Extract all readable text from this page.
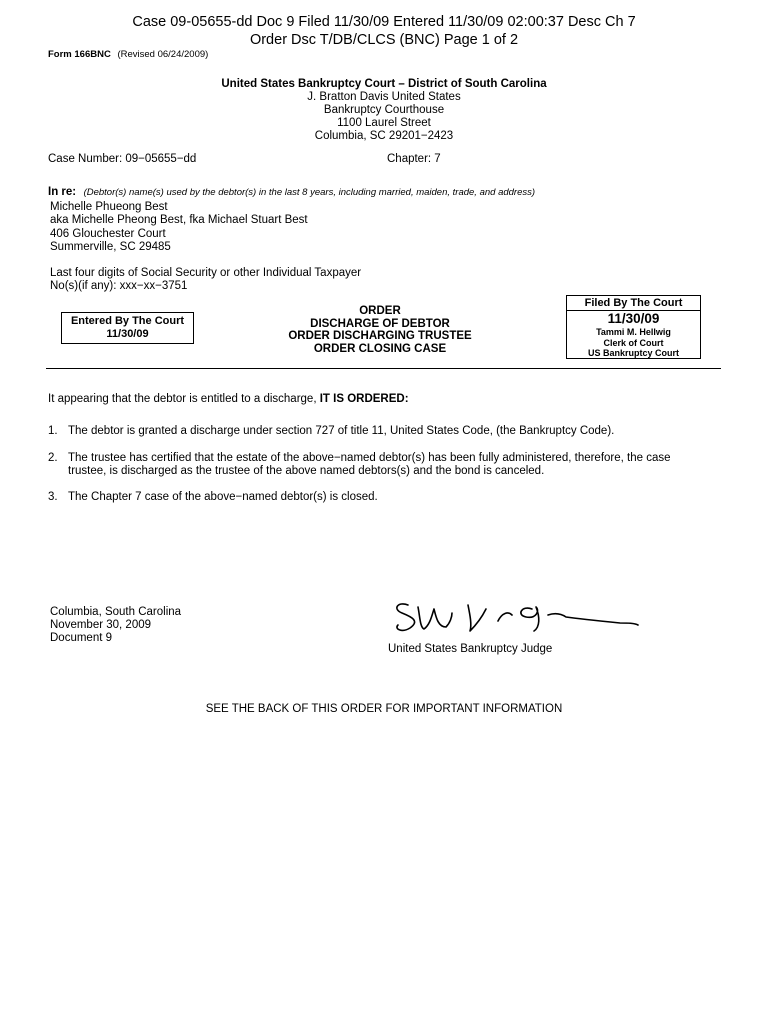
Case 09-05655-dd Doc 9 Filed 11/30/09 Entered 11/30/09 02:00:37 Desc Ch 7
Order Dsc T/DB/CLCS (BNC) Page 1 of 2
Form 166BNC (Revised 06/24/2009)
United States Bankruptcy Court – District of South Carolina
J. Bratton Davis United States
Bankruptcy Courthouse
1100 Laurel Street
Columbia, SC 29201−2423
Case Number: 09−05655−dd	Chapter: 7
In re: (Debtor(s) name(s) used by the debtor(s) in the last 8 years, including married, maiden, trade, and address)
Michelle Phueong Best
aka Michelle Pheong Best, fka Michael Stuart Best
406 Glouchester Court
Summerville, SC 29485
Last four digits of Social Security or other Individual Taxpayer
No(s)(if any): xxx−xx−3751
Entered By The Court
11/30/09
ORDER
DISCHARGE OF DEBTOR
ORDER DISCHARGING TRUSTEE
ORDER CLOSING CASE
Filed By The Court
11/30/09
Tammi M. Hellwig
Clerk of Court
US Bankruptcy Court
It appearing that the debtor is entitled to a discharge, IT IS ORDERED:
1. The debtor is granted a discharge under section 727 of title 11, United States Code, (the Bankruptcy Code).
2. The trustee has certified that the estate of the above−named debtor(s) has been fully administered, therefore, the case trustee, is discharged as the trustee of the above named debtors(s) and the bond is canceled.
3. The Chapter 7 case of the above−named debtor(s) is closed.
Columbia, South Carolina
November 30, 2009
Document 9
United States Bankruptcy Judge
SEE THE BACK OF THIS ORDER FOR IMPORTANT INFORMATION
